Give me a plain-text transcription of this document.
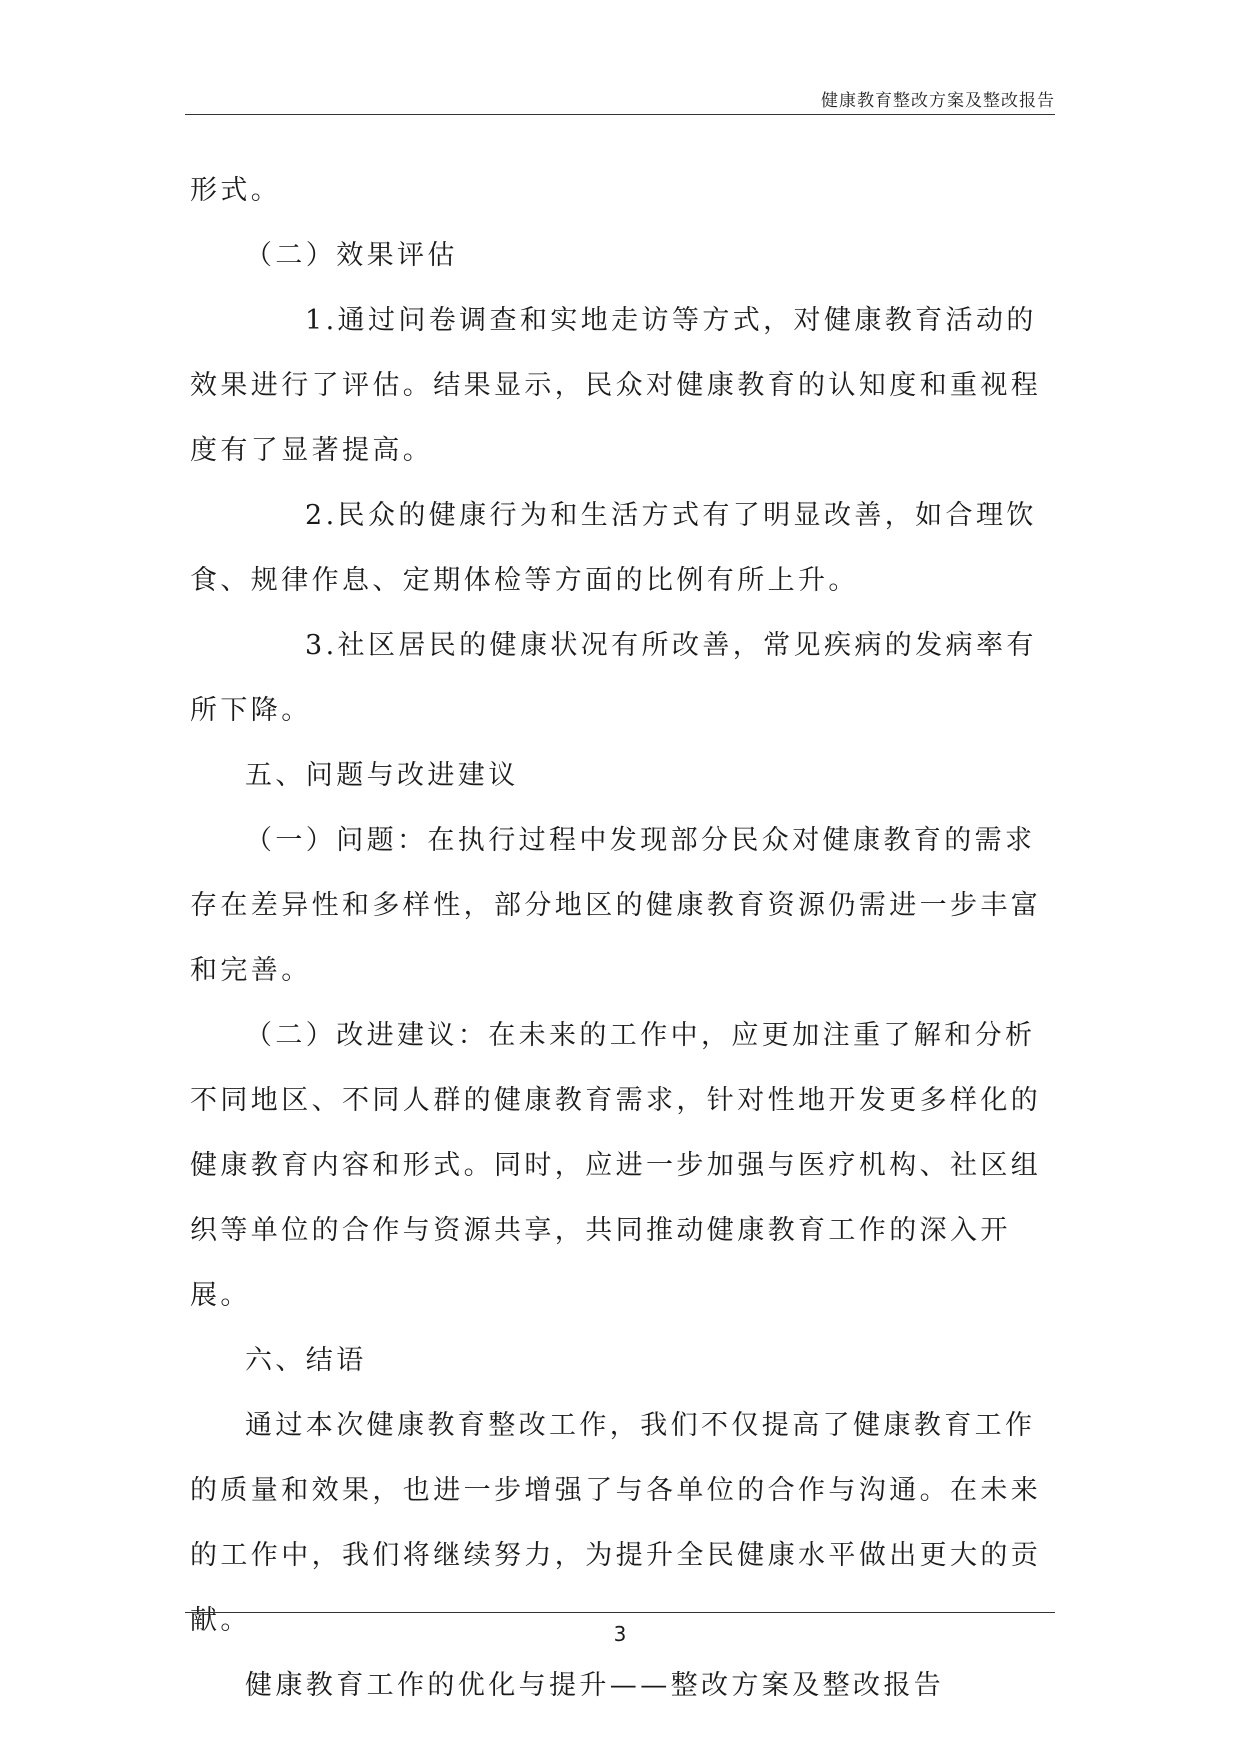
健康教育整改方案及整改报告

形式。

（二）效果评估

1.通过问卷调查和实地走访等方式，对健康教育活动的效果进行了评估。结果显示，民众对健康教育的认知度和重视程度有了显著提高。

2.民众的健康行为和生活方式有了明显改善，如合理饮食、规律作息、定期体检等方面的比例有所上升。

3.社区居民的健康状况有所改善，常见疾病的发病率有所下降。

五、问题与改进建议

（一）问题：在执行过程中发现部分民众对健康教育的需求存在差异性和多样性，部分地区的健康教育资源仍需进一步丰富和完善。

（二）改进建议：在未来的工作中，应更加注重了解和分析不同地区、不同人群的健康教育需求，针对性地开发更多样化的健康教育内容和形式。同时，应进一步加强与医疗机构、社区组织等单位的合作与资源共享，共同推动健康教育工作的深入开展。

六、结语

通过本次健康教育整改工作，我们不仅提高了健康教育工作的质量和效果，也进一步增强了与各单位的合作与沟通。在未来的工作中，我们将继续努力，为提升全民健康水平做出更大的贡献。

健康教育工作的优化与提升——整改方案及整改报告

3
